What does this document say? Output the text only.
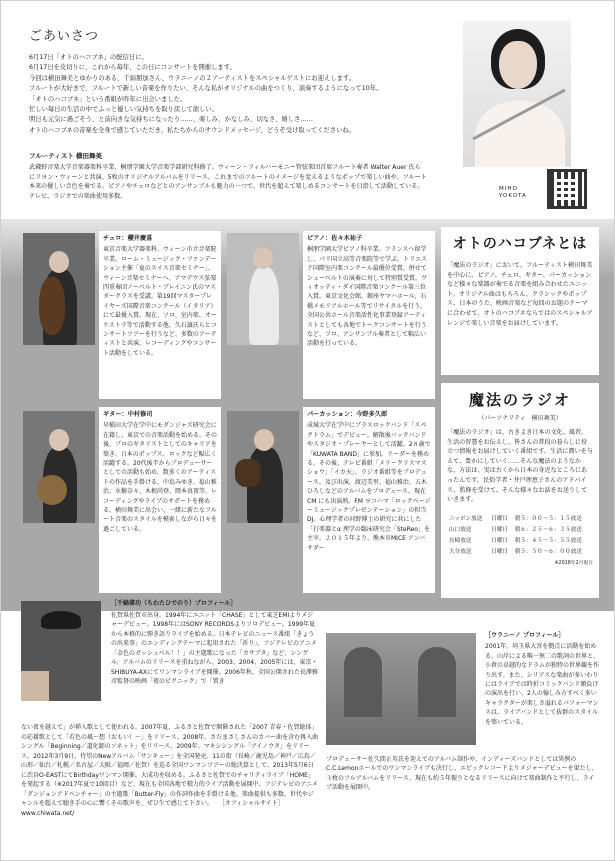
ごあいさつ

6月17日「オトのハコブネ」の配信日に。

6月17日を皮切りに、これから毎年、この日にコンサートを開催します。

今回は横田舞美とゆかりのある、千綿朋加さん、ウラニーノの２アーティストをスペシャルゲストにお迎えします。

フルートが大好きで、フルートで新しい音楽を作りたい、そんな私がオリジナルの曲をつくり、演奏するようになって10年。

「オトのハコブネ」という番組が昨年に出会いました。

忙しい毎日の生活の中でふっと優しい気持ちを取り戻して欲しい。

明日も元気に過ごそう、と前向きな気持ちになったり……、楽しみ、かなしみ、切なさ、嬉しさ……

オトのハコブネの音楽を全身で感じていただき、私たちからのサウンドメッセージ、どうぞ受け取ってくださいね。

フルーティスト 横田舞美

武蔵野音楽大学音楽器楽科卒業、桐朋学園大学音楽学部研究科修了。ウィーン・フィルハーモニー管弦楽団首席フルート奏者 Walter Auer 氏ら

にリヨン・ウィーンと共演。5枚のオリジナルアルバムをリリース。これまでのフルートのイメージを変えるようなポップで楽しい曲や、フルート

本来の優しい音色を奏でる。ピアノやチェロなどとのアンサンブルも魅力の一つで、世代を超えて楽しめるコンサートを目指して活動している。

テレビ、ラジオでの楽曲使用多数。

MIHO
YOKOTA
チェロ：櫻井慶喜
東京音楽大学器楽科、ウィーン市立音楽院卒業。ローム・ミュージック・ファンデーション主催「夏のスイス音楽セミナー」、ウィーン音楽セミナーへ、アマデウス弦楽四重奏団ノーベルト・ブレイニン氏のマスタークラスを受講。第19回マスタープレイヤーズ国際音楽コンクール（イタリア）にて最優入賞。現在、ソロ、室内楽、オーケストラ等で活動する他、久石譲氏らとコンサートツアーを行うなど、多数のアーティストと共演、レコーディングやコンサート活動をしている。
ピアノ：佐々木祐子
桐朋学園大学ピアノ科卒業。フランスへ留学し、パリ国立高等音楽院等で学ぶ。トリエステ国際室内楽コンクール最優位受賞、併せてシューベルトの演奏に対して特別賞受賞。ヴィオッティ・ダイ国際音楽コンクール第三位入賞。東京文化会館、銀座ヤマハホール、石橋メモリアルホール等でリサイタルを行う。全国公共ホール音楽活性化事業登録アーティストとしても各地でトークコンサートを行うなど、ソロ、アンサンブル奏者として幅広い活動を行っている。
ギター：中村修司
早稲田大学在学中にモダンジャズ研究会に在籍し、東京での音楽活動を始める。その後、プロのギタリストとしてのキャリアを築き、日本のポップス、ロックなど幅広く活躍する。20代後半からプロデューサーとしての活動も始め、数多くのアーティストの作品を手掛ける。中島みゆき、福山雅治、水樹奈々、木根尚登、岡本真夜等、レコーディングやライブのサポートを務める。横田舞美に出会い、一緒に新たなフルート音楽のスタイルを模索しながら日々を過ごしている。
パーカッション：今野多久郎
成城大学在学中にブラスロックバンド「スペクトラム」でデビュー。解散後バックバンドやスタジオ・プレーヤーとして活躍。2８歳で「KUWATA BAND」に参加。リーダーを務める。その後、テレビ番組「メリークリスマスショウ」「イカ天」、ラジオ番組等をプロデュース。及び出演。渡辺美里、福山雅治、五木ひろしなどのアルバムをプロデュース。現在CM にも出演熟。FM ヨコハマ「ロックベージーミュージックプレゼンテーション」の担当DJ。心理学者の河野博士の研究に共にした「打楽器とα 理学の臨床研究会「SteReo」を主宰。２０１５年より、熊本市MICE アンバサダー
オトのハコブネとは
「魔法のラジオ」において、フルーティスト横田舞美を中心に、ピアノ、チェロ、ギター、パーカッションなど様々な楽器が奏でる音楽を組み合わせたユニット。オリジナル曲はもちろん、クラシックやポップス、日本のうた、映画音楽など毎回のお題のテーマに合わせて、オトのハコブネならではのスペシャルアレンジで楽しい音楽をお届けしています。
魔法のラジオ
（パーソナリティ　横田舞美）
「魔法のラジオ」は、古きよき日本の文化、風習、生活の智慧をお伝えし、皆さんの普段の暮らしに役立つ情報をお届けしていく番組です。生活に潤いを与えて、豊かにしていく……そんな魔法のようなかな、方法は、実は古くから日本の身近なところにあったんです。民俗学者・井戸理恵子さんのアドバイス、監修を受けて、そんな様々なお話をお送りしていきます。
ニッポン放送	日曜日	朝５：００～５：１５放送
山口放送	日曜日	朝６：２５～６：３５放送
長崎放送	日曜日	朝５：４５～５：５５放送
大分放送	日曜日	朝５：５０～６：００放送
※2018年2月現在
［千綿偉功（ちわたひでのり）プロフィール］
佐賀県佐賀市出身。1994年にユニット「CHASE」として東芝EMIよりメジャーデビュー。1998年にはSONY RECORDSよりソロデビュー。1999年夏から本格的に弾き語りライブを始める。日本テレビのニュース番組「きょうの出来事」のエンディングテーマに起用された「祈り」、フジテレビのアニメ「金色のガッシュベル！！」の主題歌になった「カサブタ」など、シングル、アルバムのリリースを重ねながら、2003、2004、2005年には、東京・SHIBUYA-AXにてワンマンライブを開催。2006年秋、全国公開された長澤雅彦監督の映画「夜のピクニック」で「置き
ない夜を越えて」が挿入歌として使われる。2007年夏、ふるさと佐賀で開催された「2007 青春・佐賀総体」の応援歌として「若色の風～想（おもい）～」をリリース。2008年、さだまさしさんのカバー曲を含む再入曲シングル「Beginning／道化師のソネット」をリリース。2009年、マキシシングル「アイノウタ」をリリース。2012年3月9日、待望のNewアルバム「サンキュー」を全国発売。11の街（長崎／鹿児島／神戸／広島／山形／仙台／札幌／名古屋／大阪／福岡／佐賀）を巡る全国ワンマンツアーの総決算として、2013年5月6日に渋谷O-EASTにてBirthdayワンマン開催。大成功を収める。ふるさと佐賀でのチャリティライブ「HOME」を発起する（※2017年夏で10回目）など、現在も全国各地で積力的ライブ活動を展開中。フジテレビのアニメ「ダンジョンアドベンチャー」の主題歌「Butter-Fly」の作詞作曲を手掛ける他、楽曲提供も多数。世代やジャンルを超えて聴き手の心に響くその歌声を、ぜひ生で感じて下さい。 ［オフィシャルサイト］www.chiwata.net/
［ウラニーノ プロフィール］
2001年、埼玉県大宮を拠点に活動を始める。山岸による唯一無二の歌詞の世界と、小倉の卓越的なドラムが独特の世界観を作り出す。また、シリアスな楽曲が多いわりにはライブでは時折コミックバンド顔負けの演出を行い、2人の愉しみ方すべく多いキャラクターが楽しさ溢れるパフォーマンスは、ライブバンドとして抜群のスタイルを築いている。
プロデューサー佐久間正英氏を迎えてのアルバム制作や、インディーズバンドとしては異例のC.C.Lemonホールでのワンマンライブも決行し、エピックレコードよりメジャーデビューを果たし、３枚のフルアルバムをリリース。現在も約５年振りとなるリリースに向けて楽曲制作と平行し、ライブ活動を展開中。
